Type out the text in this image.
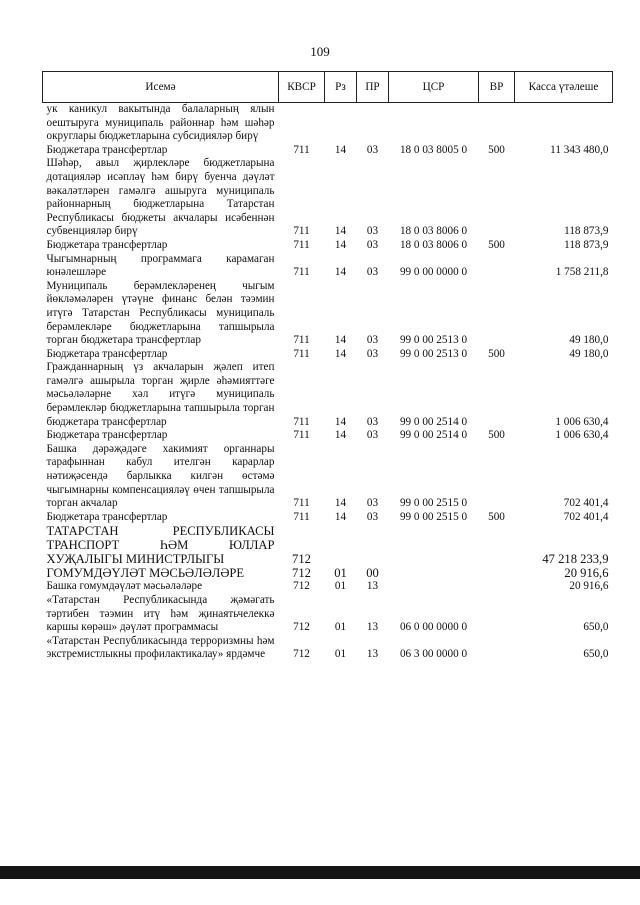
109
Исемә	КВСР	Рз	ПР	ЦСР	ВР	Касса үтәлеше
ук каникул вакытында балаларның ялын оештыруга муниципаль районнар һәм шәһәр округлары бюджетларына субсидияләр бирү						
Бюджетара трансфертлар	711	14	03	18 0 03 8005 0	500	11 343 480,0
Шәһәр, авыл җирлекләре бюджетларына дотацияләр исәпләү һәм бирү буенча дәүләт вәкаләтләрен гамәлгә ашыруга муниципаль районнарның бюджетларына Татарстан Республикасы бюджеты акчалары исәбеннән субвенцияләр бирү	711	14	03	18 0 03 8006 0		118 873,9
Бюджетара трансфертлар	711	14	03	18 0 03 8006 0	500	118 873,9
Чыгымнарның программага карамаган юнәлешләре	711	14	03	99 0 00 0000 0		1 758 211,8
Муниципаль берәмлекләренең чыгым йөкләмәләрен үтәүне финанс белән тәэмин итүгә Татарстан Республикасы муниципаль берәмлекләре бюджетларына тапшырыла торган бюджетара трансфертлар	711	14	03	99 0 00 2513 0		49 180,0
Бюджетара трансфертлар	711	14	03	99 0 00 2513 0	500	49 180,0
Гражданнарның үз акчаларын җәлеп итеп гамәлгә ашырыла торган җирле әһәмияттәге мәсьәләләрне хәл итүгә муниципаль берәмлекләр бюджетларына тапшырыла торган бюджетара трансфертлар	711	14	03	99 0 00 2514 0		1 006 630,4
Бюджетара трансфертлар	711	14	03	99 0 00 2514 0	500	1 006 630,4
Башка дәрәҗәдәге хакимият органнары тарафыннан кабул ителгән карарлар нәтиҗәсендә барлыкка килгән өстәмә чыгымнарны компенсацияләү өчен тапшырыла торган акчалар	711	14	03	99 0 00 2515 0		702 401,4
Бюджетара трансфертлар	711	14	03	99 0 00 2515 0	500	702 401,4
ТАТАРСТАН РЕСПУБЛИКАСЫ ТРАНСПОРТ ҺӘМ ЮЛЛАР ХУҖАЛЫГЫ МИНИСТРЛЫГЫ	712					47 218 233,9
ГОМУМДӘҮЛӘТ МӘСЬӘЛӘЛӘРЕ	712	01	00			20 916,6
Башка гомумдәүләт мәсьәләләре	712	01	13			20 916,6
«Татарстан Республикасында җәмәгать тәртибен тәэмин итү һәм җинаятьчелеккә каршы көрәш» дәүләт программасы	712	01	13	06 0 00 0000 0		650,0
«Татарстан Республикасында терроризмны һәм экстремистлыкны профилактикалау» ярдәмче	712	01	13	06 3 00 0000 0		650,0
